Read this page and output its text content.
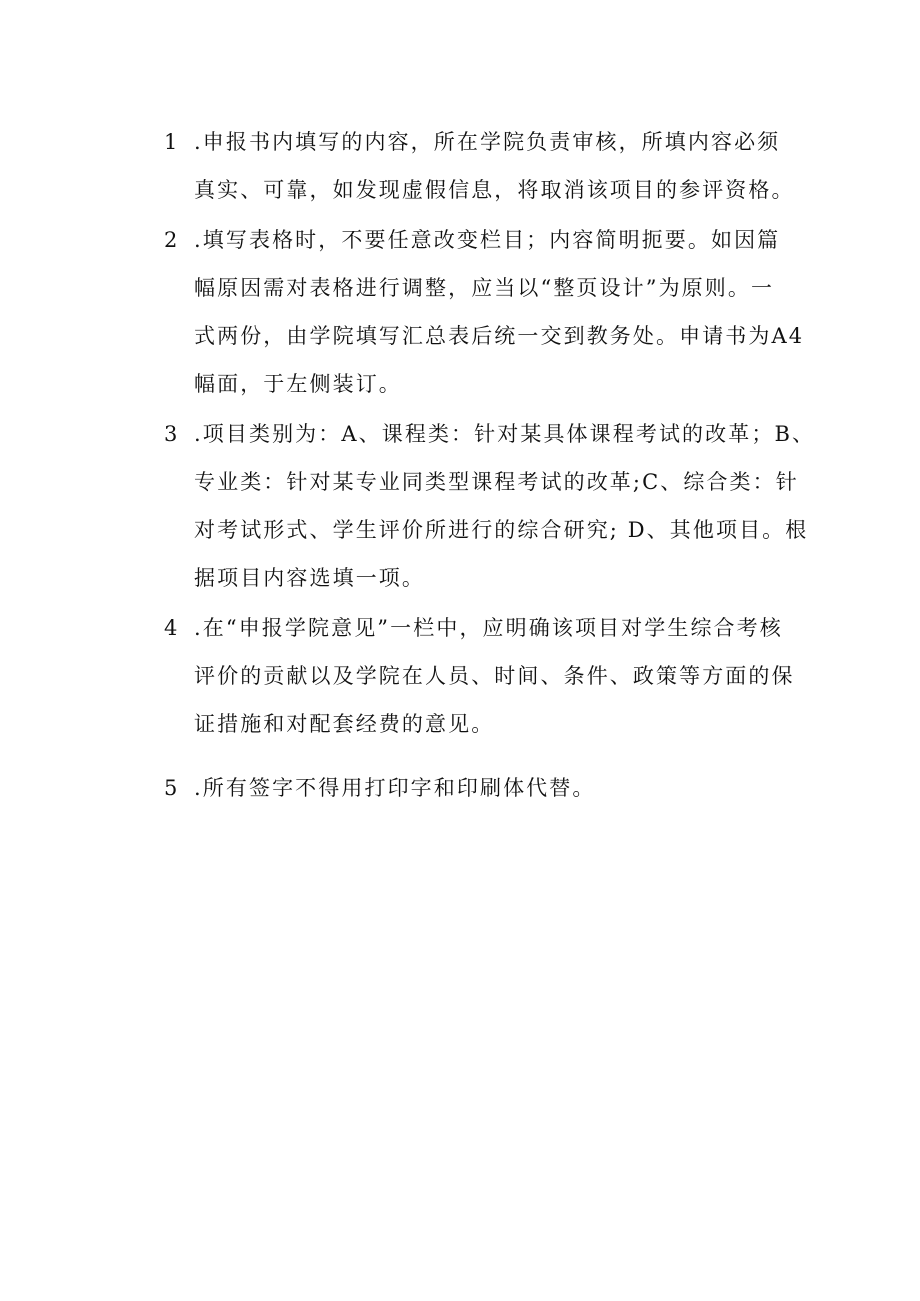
1 .申报书内填写的内容，所在学院负责审核，所填内容必须
真实、可靠，如发现虚假信息，将取消该项目的参评资格。
2 .填写表格时，不要任意改变栏目；内容简明扼要。如因篇
幅原因需对表格进行调整，应当以“整页设计”为原则。一
式两份，由学院填写汇总表后统一交到教务处。申请书为A4
幅面，于左侧装订。
3 .项目类别为：A、课程类：针对某具体课程考试的改革；B、
专业类：针对某专业同类型课程考试的改革;C、综合类：针
对考试形式、学生评价所进行的综合研究; D、其他项目。根
据项目内容选填一项。
4 .在“申报学院意见”一栏中，应明确该项目对学生综合考核
评价的贡献以及学院在人员、时间、条件、政策等方面的保
证措施和对配套经费的意见。
5 .所有签字不得用打印字和印刷体代替。
